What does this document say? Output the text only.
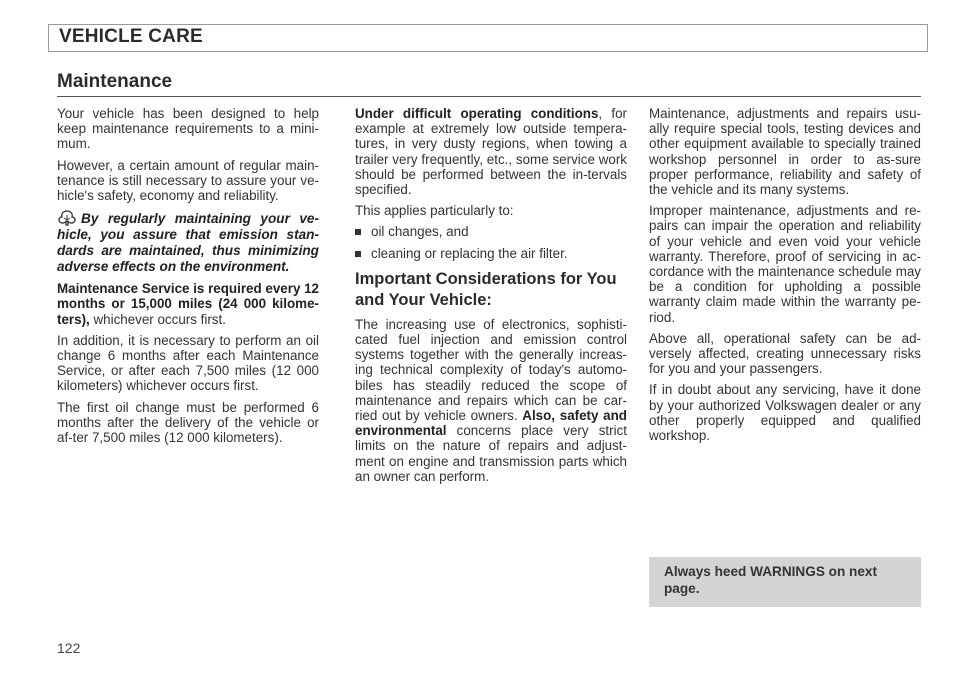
VEHICLE CARE
Maintenance

Your vehicle has been designed to help keep maintenance requirements to a mini-mum.

However, a certain amount of regular main-tenance is still necessary to assure your ve-hicle's safety, economy and reliability.

By regularly maintaining your ve-hicle, you assure that emission stan-dards are maintained, thus minimizing adverse effects on the environment.

Maintenance Service is required every 12 months or 15,000 miles (24 000 kilome-ters), whichever occurs first.

In addition, it is necessary to perform an oil change 6 months after each Maintenance Service, or after each 7,500 miles (12 000 kilometers) whichever occurs first.

The first oil change must be performed 6 months after the delivery of the vehicle or af-ter 7,500 miles (12 000 kilometers).

Under difficult operating conditions, for example at extremely low outside tempera-tures, in very dusty regions, when towing a trailer very frequently, etc., some service work should be performed between the in-tervals specified.

This applies particularly to:

oil changes, and
cleaning or replacing the air filter.
Important Considerations for You and Your Vehicle:

The increasing use of electronics, sophisti-cated fuel injection and emission control systems together with the generally increas-ing technical complexity of today's automo-biles has steadily reduced the scope of maintenance and repairs which can be car-ried out by vehicle owners. Also, safety and environmental concerns place very strict limits on the nature of repairs and adjust-ment on engine and transmission parts which an owner can perform.

Maintenance, adjustments and repairs usu-ally require special tools, testing devices and other equipment available to specially trained workshop personnel in order to as-sure proper performance, reliability and safety of the vehicle and its many systems.

Improper maintenance, adjustments and re-pairs can impair the operation and reliability of your vehicle and even void your vehicle warranty. Therefore, proof of servicing in ac-cordance with the maintenance schedule may be a condition for upholding a possible warranty claim made within the warranty pe-riod.

Above all, operational safety can be ad-versely affected, creating unnecessary risks for you and your passengers.

If in doubt about any servicing, have it done by your authorized Volkswagen dealer or any other properly equipped and qualified workshop.

Always heed WARNINGS on next page.
122
